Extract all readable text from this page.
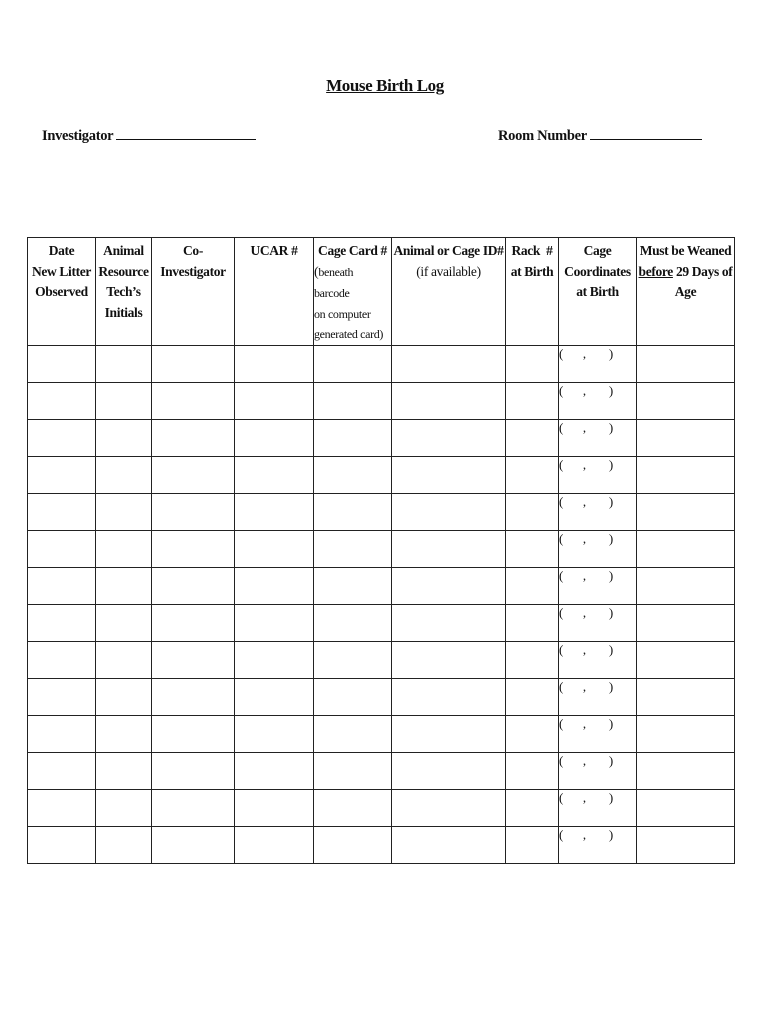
Mouse Birth Log
Investigator	Room Number
Date
New Litter
Observed	Animal
Resource
Tech’s
Initials	Co-Investigator	UCAR #	Cage Card #
(beneath barcode
on computer
generated card)	Animal or Cage ID#
(if available)	Rack  #
at Birth	Cage
Coordinates
at Birth	Must be Weaned
before 29 Days of
Age

							(      ,       )	
							(      ,       )	
							(      ,       )	
							(      ,       )	
							(      ,       )	
							(      ,       )	
							(      ,       )	
							(      ,       )	
							(      ,       )	
							(      ,       )	
							(      ,       )	
							(      ,       )	
							(      ,       )	
							(      ,       )	
